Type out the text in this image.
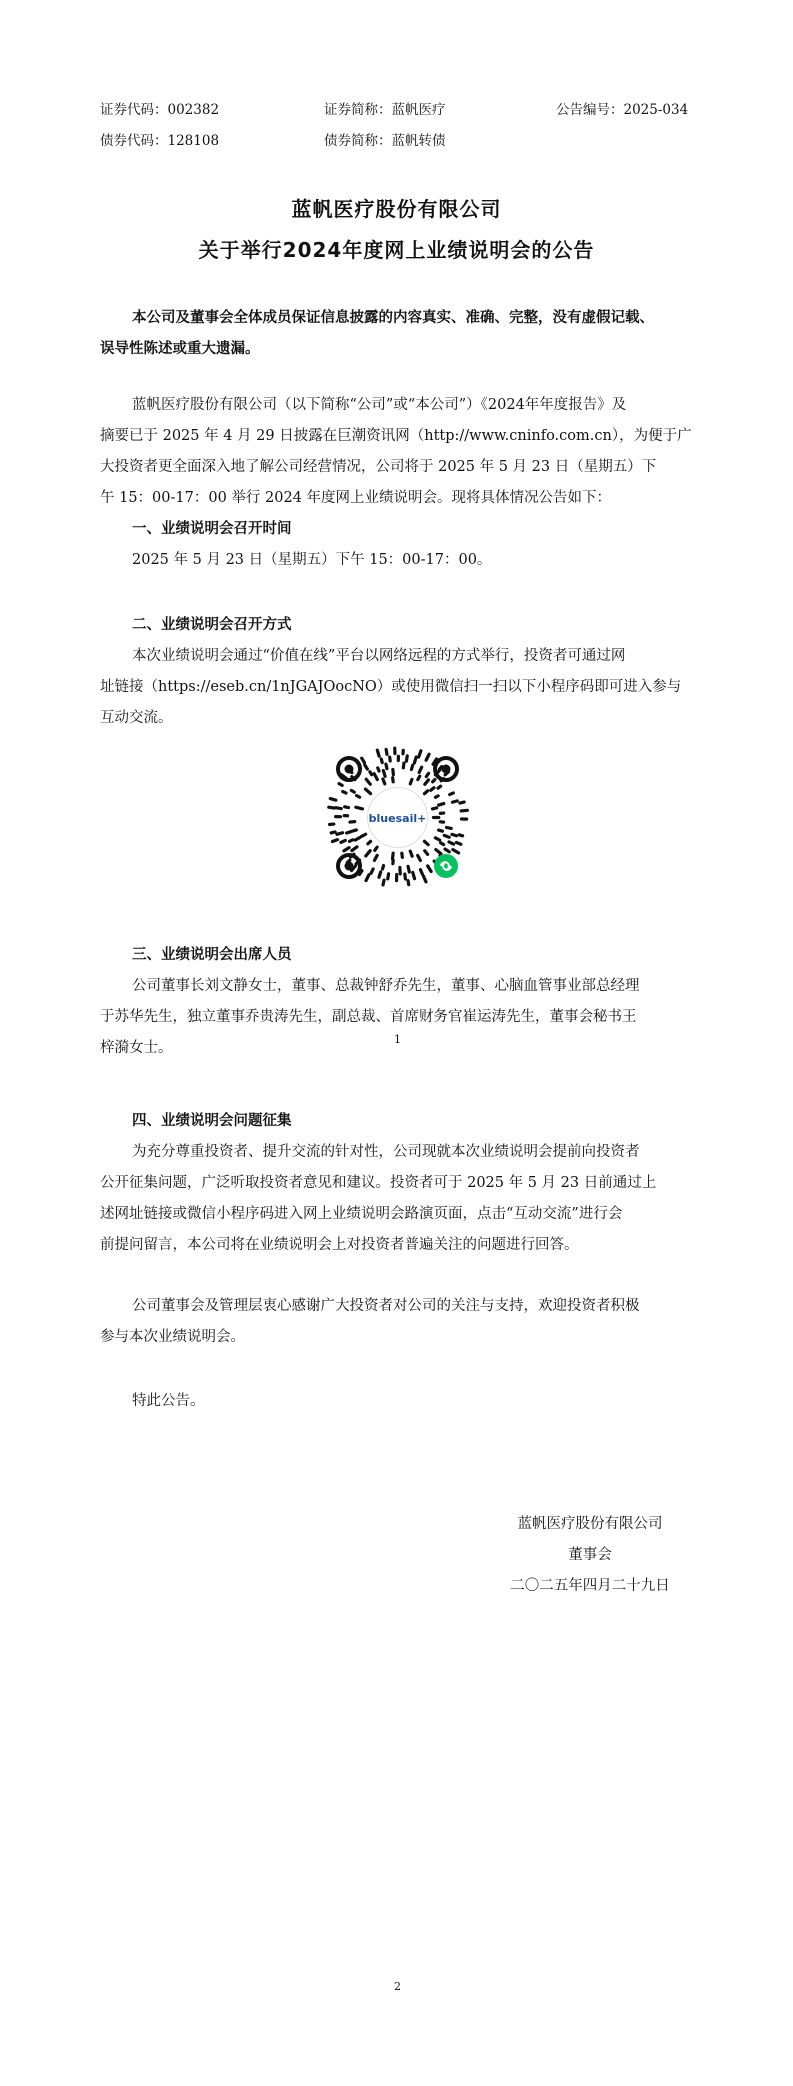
证券代码：002382	证券简称：蓝帆医疗	公告编号：2025-034
债券代码：128108	债券简称：蓝帆转债
蓝帆医疗股份有限公司
关于举行2024年度网上业绩说明会的公告
本公司及董事会全体成员保证信息披露的内容真实、准确、完整，没有虚假记载、
误导性陈述或重大遗漏。
蓝帆医疗股份有限公司（以下简称“公司”或“本公司”）《2024年年度报告》及
摘要已于 2025 年 4 月 29 日披露在巨潮资讯网（http://www.cninfo.com.cn），为便于广
大投资者更全面深入地了解公司经营情况，公司将于 2025 年 5 月 23 日（星期五）下
午 15：00-17：00 举行 2024 年度网上业绩说明会。现将具体情况公告如下：
一、业绩说明会召开时间
2025 年 5 月 23 日（星期五）下午 15：00-17：00。
二、业绩说明会召开方式
本次业绩说明会通过“价值在线”平台以网络远程的方式举行，投资者可通过网
址链接（https://eseb.cn/1nJGAJOocNO）或使用微信扫一扫以下小程序码即可进入参与
互动交流。
bluesail+
三、业绩说明会出席人员
公司董事长刘文静女士，董事、总裁钟舒乔先生，董事、心脑血管事业部总经理
于苏华先生，独立董事乔贵涛先生，副总裁、首席财务官崔运涛先生，董事会秘书王
梓漪女士。
1
四、业绩说明会问题征集
为充分尊重投资者、提升交流的针对性，公司现就本次业绩说明会提前向投资者
公开征集问题，广泛听取投资者意见和建议。投资者可于 2025 年 5 月 23 日前通过上
述网址链接或微信小程序码进入网上业绩说明会路演页面，点击“互动交流”进行会
前提问留言，本公司将在业绩说明会上对投资者普遍关注的问题进行回答。
公司董事会及管理层衷心感谢广大投资者对公司的关注与支持，欢迎投资者积极
参与本次业绩说明会。
特此公告。
蓝帆医疗股份有限公司
董事会
二〇二五年四月二十九日
2
